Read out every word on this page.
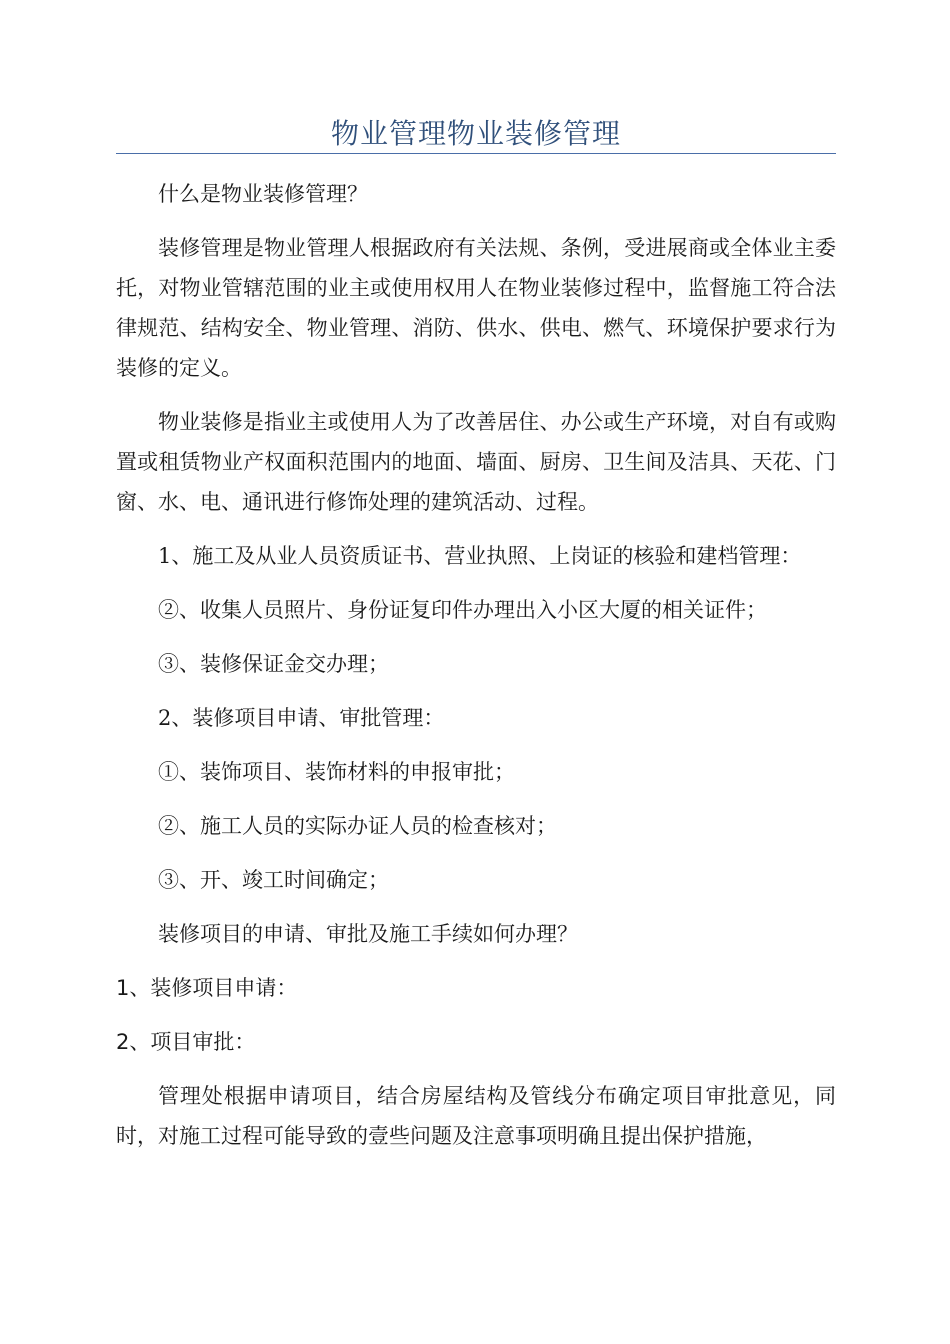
物业管理物业装修管理

什么是物业装修管理？

装修管理是物业管理人根据政府有关法规、条例，受进展商或全体业主委托，对物业管辖范围的业主或使用权用人在物业装修过程中，监督施工符合法律规范、结构安全、物业管理、消防、供水、供电、燃气、环境保护要求行为装修的定义。

物业装修是指业主或使用人为了改善居住、办公或生产环境，对自有或购置或租赁物业产权面积范围内的地面、墙面、厨房、卫生间及洁具、天花、门窗、水、电、通讯进行修饰处理的建筑活动、过程。

1、施工及从业人员资质证书、营业执照、上岗证的核验和建档管理：

②、收集人员照片、身份证复印件办理出入小区大厦的相关证件；

③、装修保证金交办理；

2、装修项目申请、审批管理：

①、装饰项目、装饰材料的申报审批；

②、施工人员的实际办证人员的检查核对；

③、开、竣工时间确定；

装修项目的申请、审批及施工手续如何办理？

1、装修项目申请：

2、项目审批：

管理处根据申请项目，结合房屋结构及管线分布确定项目审批意见，同时，对施工过程可能导致的壹些问题及注意事项明确且提出保护措施，
